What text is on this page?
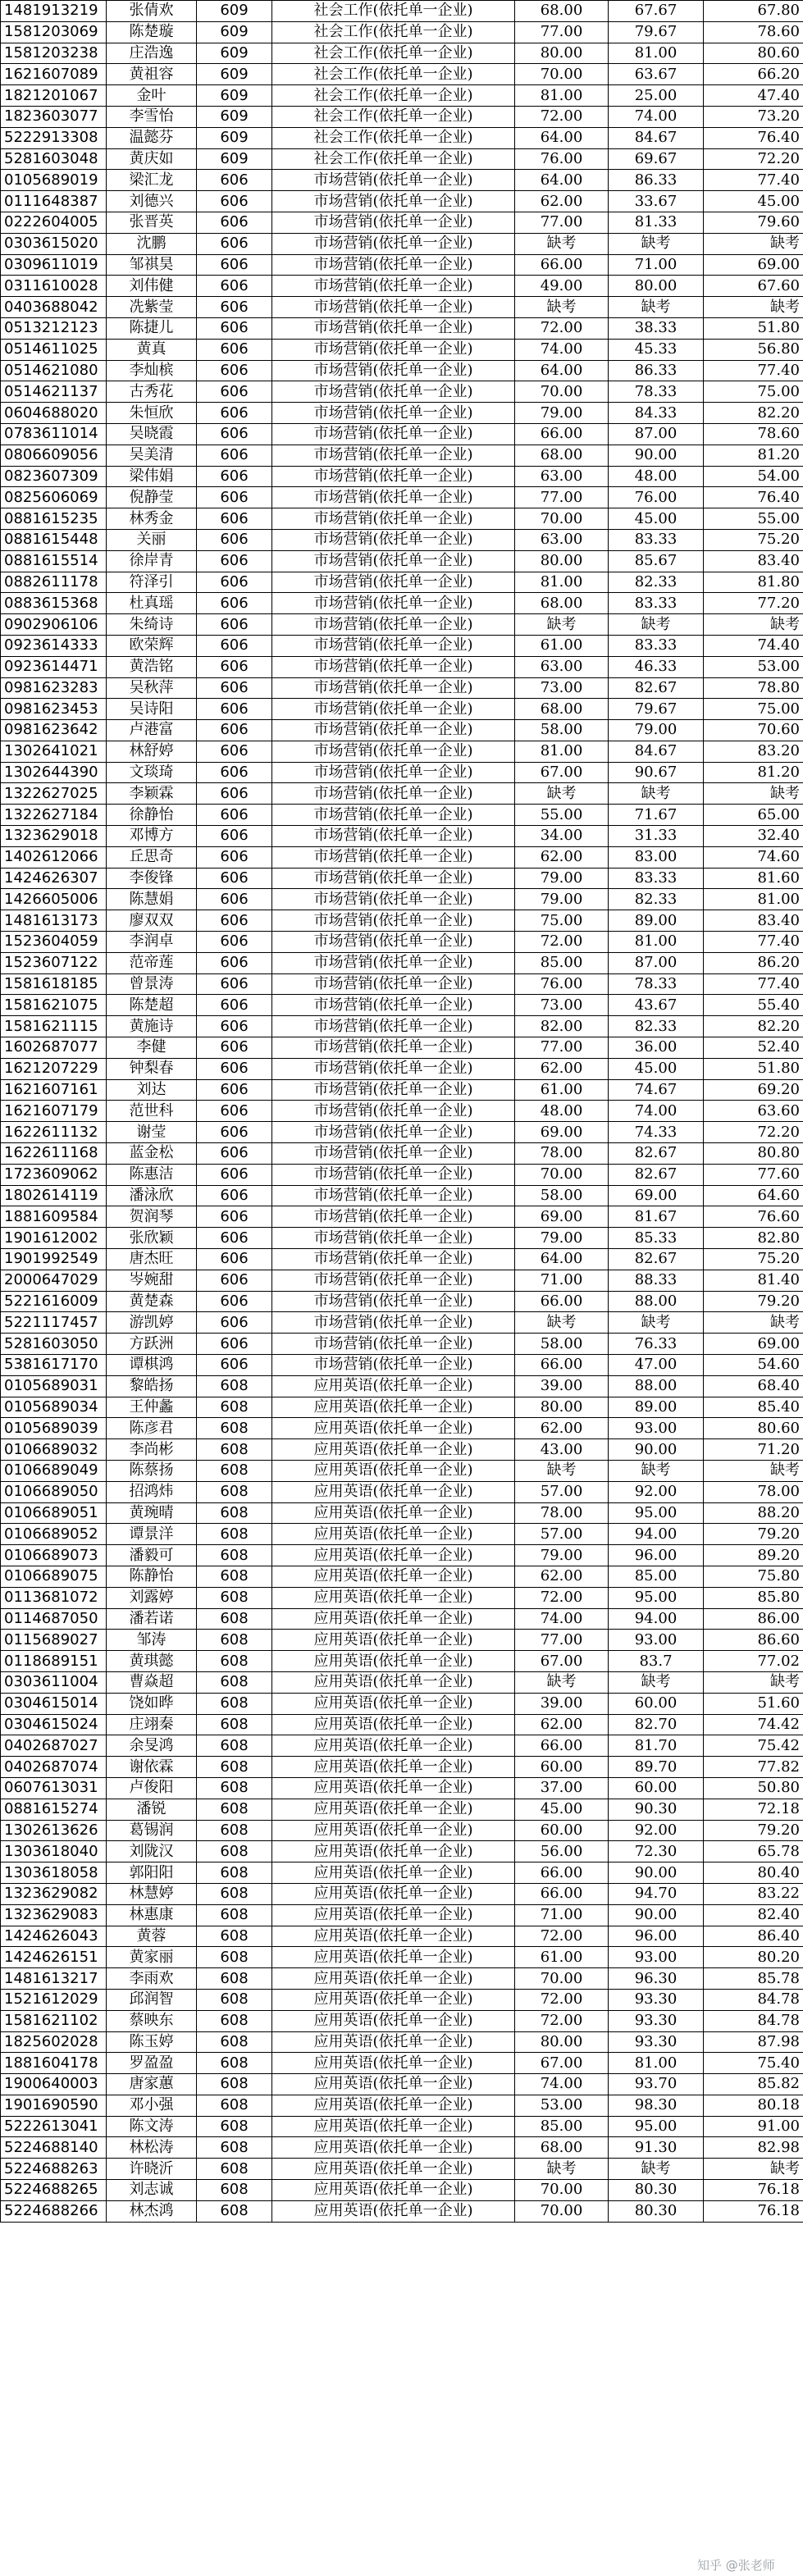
1481913219	张倩欢	609	社会工作(依托单一企业)	68.00	67.67	67.80
1581203069	陈楚璇	609	社会工作(依托单一企业)	77.00	79.67	78.60
1581203238	庄浩逸	609	社会工作(依托单一企业)	80.00	81.00	80.60
1621607089	黄祖容	609	社会工作(依托单一企业)	70.00	63.67	66.20
1821201067	金叶	609	社会工作(依托单一企业)	81.00	25.00	47.40
1823603077	李雪怡	609	社会工作(依托单一企业)	72.00	74.00	73.20
5222913308	温懿芬	609	社会工作(依托单一企业)	64.00	84.67	76.40
5281603048	黄庆如	609	社会工作(依托单一企业)	76.00	69.67	72.20
0105689019	梁汇龙	606	市场营销(依托单一企业)	64.00	86.33	77.40
0111648387	刘德兴	606	市场营销(依托单一企业)	62.00	33.67	45.00
0222604005	张晋英	606	市场营销(依托单一企业)	77.00	81.33	79.60
0303615020	沈鹏	606	市场营销(依托单一企业)	缺考	缺考	缺考
0309611019	邹祺昊	606	市场营销(依托单一企业)	66.00	71.00	69.00
0311610028	刘伟健	606	市场营销(依托单一企业)	49.00	80.00	67.60
0403688042	冼紫莹	606	市场营销(依托单一企业)	缺考	缺考	缺考
0513212123	陈捷儿	606	市场营销(依托单一企业)	72.00	38.33	51.80
0514611025	黄真	606	市场营销(依托单一企业)	74.00	45.33	56.80
0514621080	李灿槟	606	市场营销(依托单一企业)	64.00	86.33	77.40
0514621137	古秀花	606	市场营销(依托单一企业)	70.00	78.33	75.00
0604688020	朱恒欣	606	市场营销(依托单一企业)	79.00	84.33	82.20
0783611014	吴晓霞	606	市场营销(依托单一企业)	66.00	87.00	78.60
0806609056	吴美清	606	市场营销(依托单一企业)	68.00	90.00	81.20
0823607309	梁伟娟	606	市场营销(依托单一企业)	63.00	48.00	54.00
0825606069	倪静莹	606	市场营销(依托单一企业)	77.00	76.00	76.40
0881615235	林秀金	606	市场营销(依托单一企业)	70.00	45.00	55.00
0881615448	关丽	606	市场营销(依托单一企业)	63.00	83.33	75.20
0881615514	徐岸青	606	市场营销(依托单一企业)	80.00	85.67	83.40
0882611178	符泽引	606	市场营销(依托单一企业)	81.00	82.33	81.80
0883615368	杜真瑶	606	市场营销(依托单一企业)	68.00	83.33	77.20
0902906106	朱绮诗	606	市场营销(依托单一企业)	缺考	缺考	缺考
0923614333	欧荣辉	606	市场营销(依托单一企业)	61.00	83.33	74.40
0923614471	黄浩铭	606	市场营销(依托单一企业)	63.00	46.33	53.00
0981623283	吴秋萍	606	市场营销(依托单一企业)	73.00	82.67	78.80
0981623453	吴诗阳	606	市场营销(依托单一企业)	68.00	79.67	75.00
0981623642	卢港富	606	市场营销(依托单一企业)	58.00	79.00	70.60
1302641021	林舒婷	606	市场营销(依托单一企业)	81.00	84.67	83.20
1302644390	文琰琦	606	市场营销(依托单一企业)	67.00	90.67	81.20
1322627025	李颖霖	606	市场营销(依托单一企业)	缺考	缺考	缺考
1322627184	徐静怡	606	市场营销(依托单一企业)	55.00	71.67	65.00
1323629018	邓博方	606	市场营销(依托单一企业)	34.00	31.33	32.40
1402612066	丘思奇	606	市场营销(依托单一企业)	62.00	83.00	74.60
1424626307	李俊锋	606	市场营销(依托单一企业)	79.00	83.33	81.60
1426605006	陈慧娟	606	市场营销(依托单一企业)	79.00	82.33	81.00
1481613173	廖双双	606	市场营销(依托单一企业)	75.00	89.00	83.40
1523604059	李润卓	606	市场营销(依托单一企业)	72.00	81.00	77.40
1523607122	范帝莲	606	市场营销(依托单一企业)	85.00	87.00	86.20
1581618185	曾景涛	606	市场营销(依托单一企业)	76.00	78.33	77.40
1581621075	陈楚超	606	市场营销(依托单一企业)	73.00	43.67	55.40
1581621115	黄施诗	606	市场营销(依托单一企业)	82.00	82.33	82.20
1602687077	李健	606	市场营销(依托单一企业)	77.00	36.00	52.40
1621207229	钟梨春	606	市场营销(依托单一企业)	62.00	45.00	51.80
1621607161	刘达	606	市场营销(依托单一企业)	61.00	74.67	69.20
1621607179	范世科	606	市场营销(依托单一企业)	48.00	74.00	63.60
1622611132	谢莹	606	市场营销(依托单一企业)	69.00	74.33	72.20
1622611168	蓝金松	606	市场营销(依托单一企业)	78.00	82.67	80.80
1723609062	陈惠洁	606	市场营销(依托单一企业)	70.00	82.67	77.60
1802614119	潘泳欣	606	市场营销(依托单一企业)	58.00	69.00	64.60
1881609584	贺润琴	606	市场营销(依托单一企业)	69.00	81.67	76.60
1901612002	张欣颖	606	市场营销(依托单一企业)	79.00	85.33	82.80
1901992549	唐杰旺	606	市场营销(依托单一企业)	64.00	82.67	75.20
2000647029	岑婉甜	606	市场营销(依托单一企业)	71.00	88.33	81.40
5221616009	黄楚森	606	市场营销(依托单一企业)	66.00	88.00	79.20
5221117457	游凯婷	606	市场营销(依托单一企业)	缺考	缺考	缺考
5281603050	方跃洲	606	市场营销(依托单一企业)	58.00	76.33	69.00
5381617170	谭棋鸿	606	市场营销(依托单一企业)	66.00	47.00	54.60
0105689031	黎皓扬	608	应用英语(依托单一企业)	39.00	88.00	68.40
0105689034	王仲蠡	608	应用英语(依托单一企业)	80.00	89.00	85.40
0105689039	陈彦君	608	应用英语(依托单一企业)	62.00	93.00	80.60
0106689032	李尚彬	608	应用英语(依托单一企业)	43.00	90.00	71.20
0106689049	陈蔡扬	608	应用英语(依托单一企业)	缺考	缺考	缺考
0106689050	招鸿炜	608	应用英语(依托单一企业)	57.00	92.00	78.00
0106689051	黄琬晴	608	应用英语(依托单一企业)	78.00	95.00	88.20
0106689052	谭景洋	608	应用英语(依托单一企业)	57.00	94.00	79.20
0106689073	潘毅可	608	应用英语(依托单一企业)	79.00	96.00	89.20
0106689075	陈静怡	608	应用英语(依托单一企业)	62.00	85.00	75.80
0113681072	刘露婷	608	应用英语(依托单一企业)	72.00	95.00	85.80
0114687050	潘若诺	608	应用英语(依托单一企业)	74.00	94.00	86.00
0115689027	邹涛	608	应用英语(依托单一企业)	77.00	93.00	86.60
0118689151	黄琪懿	608	应用英语(依托单一企业)	67.00	83.7	77.02
0303611004	曹焱超	608	应用英语(依托单一企业)	缺考	缺考	缺考
0304615014	饶如晔	608	应用英语(依托单一企业)	39.00	60.00	51.60
0304615024	庄翊秦	608	应用英语(依托单一企业)	62.00	82.70	74.42
0402687027	余旻鸿	608	应用英语(依托单一企业)	66.00	81.70	75.42
0402687074	谢依霖	608	应用英语(依托单一企业)	60.00	89.70	77.82
0607613031	卢俊阳	608	应用英语(依托单一企业)	37.00	60.00	50.80
0881615274	潘锐	608	应用英语(依托单一企业)	45.00	90.30	72.18
1302613626	葛锡润	608	应用英语(依托单一企业)	60.00	92.00	79.20
1303618040	刘陇汉	608	应用英语(依托单一企业)	56.00	72.30	65.78
1303618058	郭阳阳	608	应用英语(依托单一企业)	66.00	90.00	80.40
1323629082	林慧婷	608	应用英语(依托单一企业)	66.00	94.70	83.22
1323629083	林惠康	608	应用英语(依托单一企业)	71.00	90.00	82.40
1424626043	黄蓉	608	应用英语(依托单一企业)	72.00	96.00	86.40
1424626151	黄家丽	608	应用英语(依托单一企业)	61.00	93.00	80.20
1481613217	李雨欢	608	应用英语(依托单一企业)	70.00	96.30	85.78
1521612029	邱润智	608	应用英语(依托单一企业)	72.00	93.30	84.78
1581621102	蔡映东	608	应用英语(依托单一企业)	72.00	93.30	84.78
1825602028	陈玉婷	608	应用英语(依托单一企业)	80.00	93.30	87.98
1881604178	罗盈盈	608	应用英语(依托单一企业)	67.00	81.00	75.40
1900640003	唐家蕙	608	应用英语(依托单一企业)	74.00	93.70	85.82
1901690590	邓小强	608	应用英语(依托单一企业)	53.00	98.30	80.18
5222613041	陈文涛	608	应用英语(依托单一企业)	85.00	95.00	91.00
5224688140	林松涛	608	应用英语(依托单一企业)	68.00	91.30	82.98
5224688263	许晓沂	608	应用英语(依托单一企业)	缺考	缺考	缺考
5224688265	刘志诚	608	应用英语(依托单一企业)	70.00	80.30	76.18
5224688266	林杰鸿	608	应用英语(依托单一企业)	70.00	80.30	76.18
知乎 @张老师
